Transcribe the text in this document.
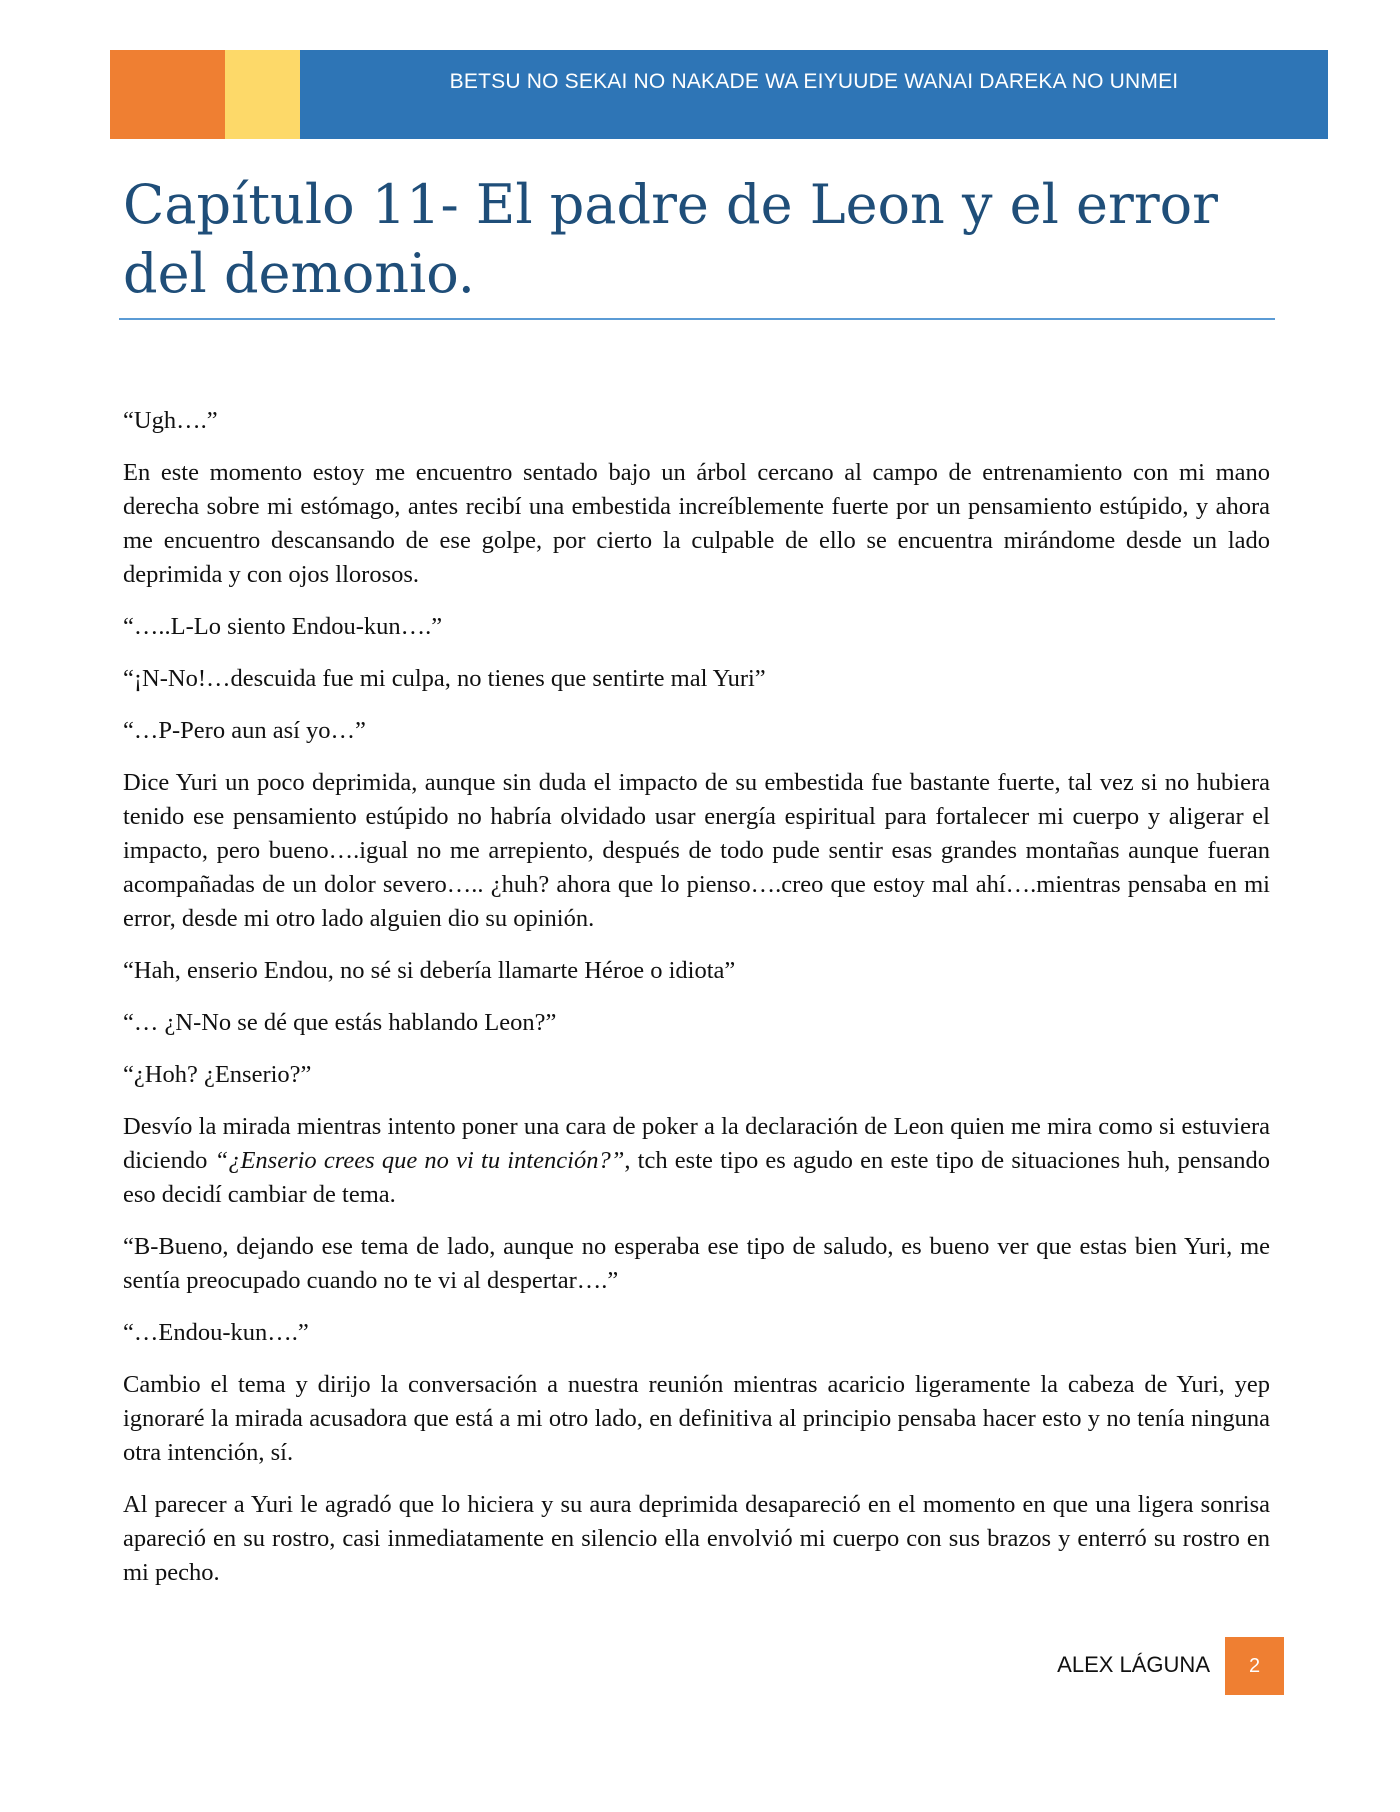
BETSU NO SEKAI NO NAKADE WA EIYUUDE WANAI DAREKA NO UNMEI
Capítulo 11- El padre de Leon y el error del demonio.

“Ugh….”

En este momento estoy me encuentro sentado bajo un árbol cercano al campo de entrenamiento con mi mano derecha sobre mi estómago, antes recibí una embestida increíblemente fuerte por un pensamiento estúpido, y ahora me encuentro descansando de ese golpe, por cierto la culpable de ello se encuentra mirándome desde un lado deprimida y con ojos llorosos.

“…..L-Lo siento Endou-kun….”

“¡N-No!…descuida fue mi culpa, no tienes que sentirte mal Yuri”

“…P-Pero aun así yo…”

Dice Yuri un poco deprimida, aunque sin duda el impacto de su embestida fue bastante fuerte, tal vez si no hubiera tenido ese pensamiento estúpido no habría olvidado usar energía espiritual para fortalecer mi cuerpo y aligerar el impacto, pero bueno….igual no me arrepiento, después de todo pude sentir esas grandes montañas aunque fueran acompañadas de un dolor severo….. ¿huh? ahora que lo pienso….creo que estoy mal ahí….mientras pensaba en mi error, desde mi otro lado alguien dio su opinión.

“Hah, enserio Endou, no sé si debería llamarte Héroe o idiota”

“… ¿N-No se dé que estás hablando Leon?”

“¿Hoh? ¿Enserio?”

Desvío la mirada mientras intento poner una cara de poker a la declaración de Leon quien me mira como si estuviera diciendo “¿Enserio crees que no vi tu intención?”, tch este tipo es agudo en este tipo de situaciones huh, pensando eso decidí cambiar de tema.

“B-Bueno, dejando ese tema de lado, aunque no esperaba ese tipo de saludo, es bueno ver que estas bien Yuri, me sentía preocupado cuando no te vi al despertar….”

“…Endou-kun….”

Cambio el tema y dirijo la conversación a nuestra reunión mientras acaricio ligeramente la cabeza de Yuri, yep ignoraré la mirada acusadora que está a mi otro lado, en definitiva al principio pensaba hacer esto y no tenía ninguna otra intención, sí.

Al parecer a Yuri le agradó que lo hiciera y su aura deprimida desapareció en el momento en que una ligera sonrisa apareció en su rostro, casi inmediatamente en silencio ella envolvió mi cuerpo con sus brazos y enterró su rostro en mi pecho.

ALEX LÁGUNA	2
